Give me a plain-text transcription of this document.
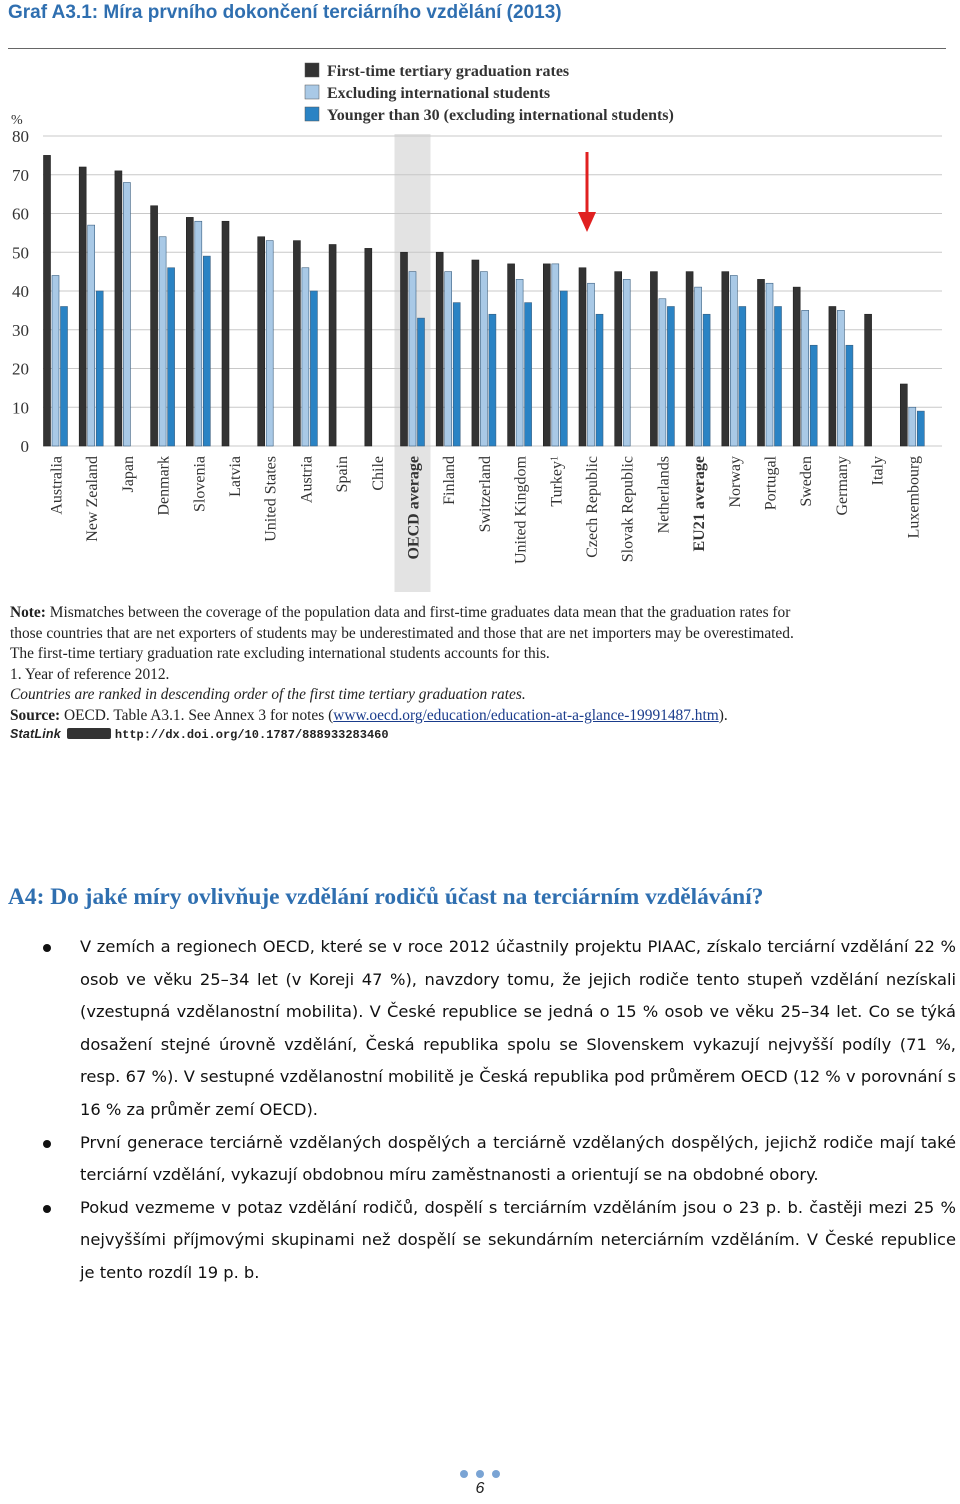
Graf A3.1: Míra prvního dokončení terciárního vzdělání (2013)
0
10
20
30
40
50
60
70
80
%
First-time tertiary graduation rates
Excluding international students
Younger than 30 (excluding international students)
Australia New Zealand Japan Denmark Slovenia Latvia United States Austria Spain Chile OECD average Finland Switzerland United Kingdom Turkey$^1$	Czech Republic Slovak Republic Netherlands EU21 average Norway Portugal Sweden Germany Italy Luxembourg

Note: Mismatches between the coverage of the population data and first-time graduates data mean that the graduation rates for

those countries that are net exporters of students may be underestimated and those that are net importers may be overestimated.

The first-time tertiary graduation rate excluding international students accounts for this.

1. Year of reference 2012.

Countries are ranked in descending order of the first time tertiary graduation rates.

Source: OECD. Table A3.1. See Annex 3 for notes (www.oecd.org/education/education-at-a-glance-19991487.htm).

StatLink	http://dx.doi.org/10.1787/888933283460
A4: Do jaké míry ovlivňuje vzdělání rodičů účast na terciárním vzdělávání?
V zemích a regionech OECD, které se v roce 2012 účastnily projektu PIAAC, získalo terciární vzdělání 22 % osob ve věku 25–34 let (v Koreji 47 %), navzdory tomu, že jejich rodiče tento stupeň vzdělání nezískali (vzestupná vzdělanostní mobilita). V České republice se jedná o 15 % osob ve věku 25–34 let. Co se týká dosažení stejné úrovně vzdělání, Česká republika spolu se Slovenskem vykazují nejvyšší podíly (71 %, resp. 67 %). V sestupné vzdělanostní mobilitě je Česká republika pod průměrem OECD (12 % v porovnání s 16 % za průměr zemí OECD).
První generace terciárně vzdělaných dospělých a terciárně vzdělaných dospělých, jejichž rodiče mají také terciární vzdělání, vykazují obdobnou míru zaměstnanosti a orientují se na obdobné obory.
Pokud vezmeme v potaz vzdělání rodičů, dospělí s terciárním vzděláním jsou o 23 p. b. častěji mezi 25 % nejvyššími příjmovými skupinami než dospělí se sekundárním neterciárním vzděláním. V České republice je tento rozdíl 19 p. b.
6
